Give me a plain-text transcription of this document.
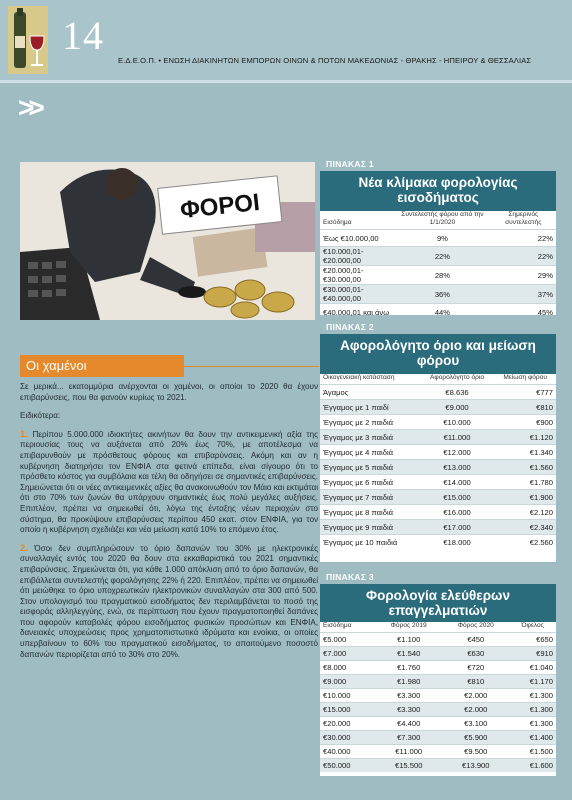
14
Ε.Δ.Ε.Ο.Π. • ΕΝΩΣΗ ΔΙΑΚΙΝΗΤΩΝ ΕΜΠΟΡΩΝ ΟΙΝΩΝ & ΠΟΤΩΝ ΜΑΚΕΔΟΝΙΑΣ - ΘΡΑΚΗΣ - ΗΠΕΙΡΟΥ & ΘΕΣΣΑΛΙΑΣ
>>
ΦΟΡΟΙ
Οι χαμένοι

Σε μερικά... εκατομμύρια ανέρχονται οι χαμένοι, οι οποίοι το 2020 θα έχουν επιβαρύνσεις, που θα φανούν κυρίως το 2021.

Ειδικότερα:

1. Περίπου 5.000.000 ιδιοκτήτες ακινήτων θα δουν την αντικειμενική αξία της περιουσίας τους να αυξάνεται από 20% έως 70%, με αποτέλεσμα να επιβαρυνθούν με πρόσθετους φόρους και επιβαρύνσεις. Ακόμη και αν η κυβέρνηση διατηρήσει τον ΕΝΦΙΑ στα φετινά επίπεδα, είναι σίγουρο ότι το πρόσθετο κόστος για συμβόλαια και τέλη θα οδηγήσει σε σημαντικές επιβαρύνσεις. Σημειώνεται ότι οι νέες αντικειμενικές αξίες θα ανακοινωθούν τον Μάιο και εκτιμάται ότι στο 70% των ζωνών θα υπάρχουν σημαντικές έως πολύ μεγάλες αυξήσεις. Επιπλέον, πρέπει να σημειωθεί ότι, λόγω της ένταξης νέων περιοχών στο σύστημα, θα προκύψουν επιβαρύνσεις περίπου 450 εκατ. στον ΕΝΦΙΑ, για τον οποίο η κυβέρνηση σχεδιάζει και νέα μείωση κατά 10% το επόμενο έτος.

2. Όσοι δεν συμπληρώσουν το όριο δαπανών του 30% με ηλεκτρονικές συναλλαγές εντός του 2020 θα δουν στα εκκαθαριστικά του 2021 σημαντικές επιβαρύνσεις. Σημειώνεται ότι, για κάθε 1.000 απόκλιση από το όριο δαπανών, θα επιβάλλεται συντελεστής φορολόγησης 22% ή 220. Επιπλέον, πρέπει να σημειωθεί ότι μειώθηκε το όριο υποχρεωτικών ηλεκτρονικών συναλλαγών στα 300 από 500. Στον υπολογισμό του πραγματικού εισοδήματος δεν περιλαμβάνεται το ποσό της εισφοράς αλληλεγγύης, ενώ, σε περίπτωση που έχουν πραγματοποιηθεί δαπάνες που αφορούν καταβολές φόρου εισοδήματος φυσικών προσώπων και ΕΝΦΙΑ, δανειακές υποχρεώσεις προς χρηματοπιστωτικά ιδρύματα και ενοίκια, οι οποίες υπερβαίνουν το 60% του πραγματικού εισοδήματος, το απαιτούμενο ποσοστό δαπανών περιορίζεται από το 30% στο 20%.

ΠΙΝΑΚΑΣ 1
Νέα κλίμακα φορολογίας εισοδήματος
Εισόδημα	Συντελεστής φόρου από την 1/1/2020	Σημερινός συντελεστής
Έως €10.000,00	9%	22%
€10.000,01-€20.000,00	22%	22%
€20.000,01-€30.000,00	28%	29%
€30.000,01-€40.000,00	36%	37%
€40.000,01 και άνω	44%	45%
ΠΙΝΑΚΑΣ 2
Αφορολόγητο όριο και μείωση φόρου
Οικογενειακή κατάσταση	Αφορολόγητο όριο	Μείωση φόρου
Άγαμος	€8.636	€777
Έγγαμος με 1 παιδί	€9.000	€810
Έγγαμος με 2 παιδιά	€10.000	€900
Έγγαμος με 3 παιδιά	€11.000	€1.120
Έγγαμος με 4 παιδιά	€12.000	€1.340
Έγγαμος με 5 παιδιά	€13.000	€1.560
Έγγαμος με 6 παιδιά	€14.000	€1.780
Έγγαμος με 7 παιδιά	€15.000	€1.900
Έγγαμος με 8 παιδιά	€16.000	€2.120
Έγγαμος με 9 παιδιά	€17.000	€2.340
Έγγαμος με 10 παιδιά	€18.000	€2.560
ΠΙΝΑΚΑΣ 3
Φορολογία ελεύθερων επαγγελματιών
Εισόδημα	Φόρος 2019	Φόρος 2020	Όφελος
€5.000	€1.100	€450	€650
€7.000	€1.540	€630	€910
€8.000	€1.760	€720	€1.040
€9.000	€1.980	€810	€1.170
€10.000	€3.300	€2.000	€1.300
€15.000	€3.300	€2.000	€1.300
€20.000	€4.400	€3.100	€1.300
€30.000	€7.300	€5.900	€1.400
€40.000	€11.000	€9.500	€1.500
€50.000	€15.500	€13.900	€1.600
